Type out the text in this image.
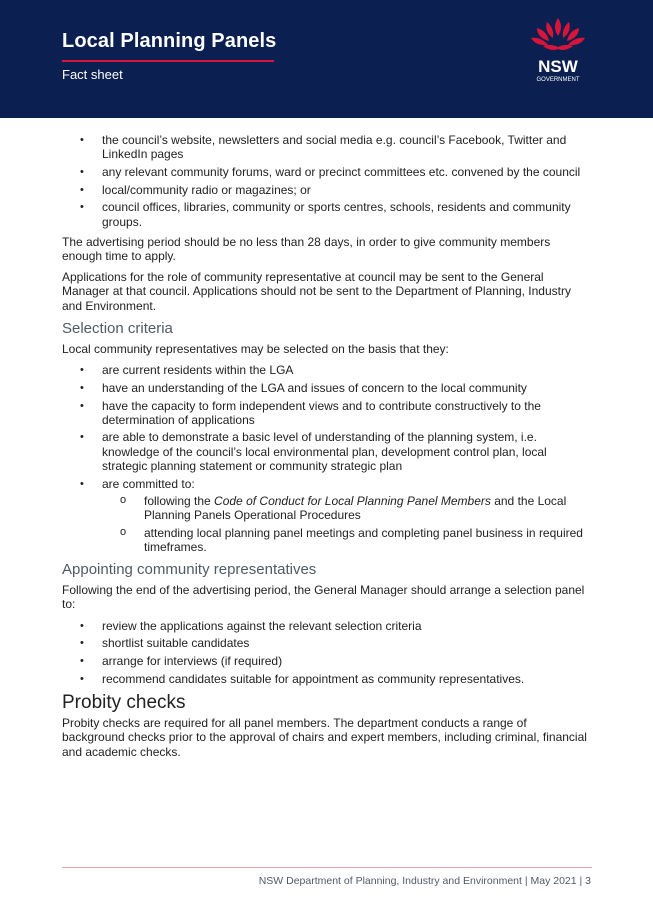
Local Planning Panels
Fact sheet	NSW
GOVERNMENT
• the council’s website, newsletters and social media e.g. council’s Facebook, Twitter and LinkedIn pages
• any relevant community forums, ward or precinct committees etc. convened by the council
• local/community radio or magazines; or
• council offices, libraries, community or sports centres, schools, residents and community groups.

The advertising period should be no less than 28 days, in order to give community members enough time to apply.

Applications for the role of community representative at council may be sent to the General Manager at that council. Applications should not be sent to the Department of Planning, Industry and Environment.

Selection criteria

Local community representatives may be selected on the basis that they:

• are current residents within the LGA
• have an understanding of the LGA and issues of concern to the local community
• have the capacity to form independent views and to contribute constructively to the determination of applications
• are able to demonstrate a basic level of understanding of the planning system, i.e. knowledge of the council’s local environmental plan, development control plan, local strategic planning statement or community strategic plan
• are committed to:
o following the Code of Conduct for Local Planning Panel Members and the Local Planning Panels Operational Procedures
o attending local planning panel meetings and completing panel business in required timeframes.
Appointing community representatives

Following the end of the advertising period, the General Manager should arrange a selection panel to:

• review the applications against the relevant selection criteria
• shortlist suitable candidates
• arrange for interviews (if required)
• recommend candidates suitable for appointment as community representatives.
Probity checks

Probity checks are required for all panel members. The department conducts a range of background checks prior to the approval of chairs and expert members, including criminal, financial and academic checks.

NSW Department of Planning, Industry and Environment | May 2021 | 3
